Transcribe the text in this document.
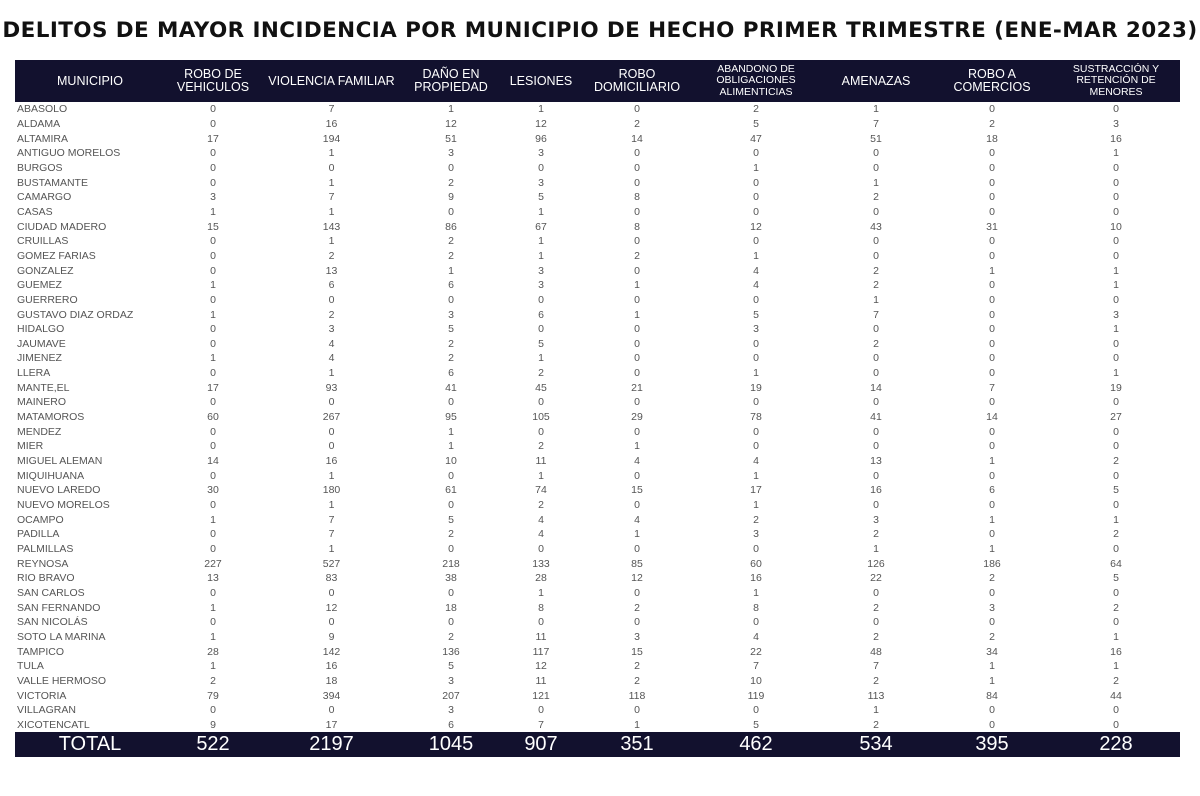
DELITOS DE MAYOR INCIDENCIA POR MUNICIPIO DE HECHO PRIMER TRIMESTRE (ENE-MAR 2023)
MUNICIPIO	ROBO DE VEHICULOS	VIOLENCIA FAMILIAR	DAÑO EN PROPIEDAD	LESIONES	ROBO DOMICILIARIO	ABANDONO DE OBLIGACIONES ALIMENTICIAS	AMENAZAS	ROBO A COMERCIOS	SUSTRACCIÓN Y RETENCIÓN DE MENORES
ABASOLO	0	7	1	1	0	2	1	0	0
ALDAMA	0	16	12	12	2	5	7	2	3
ALTAMIRA	17	194	51	96	14	47	51	18	16
ANTIGUO MORELOS	0	1	3	3	0	0	0	0	1
BURGOS	0	0	0	0	0	1	0	0	0
BUSTAMANTE	0	1	2	3	0	0	1	0	0
CAMARGO	3	7	9	5	8	0	2	0	0
CASAS	1	1	0	1	0	0	0	0	0
CIUDAD MADERO	15	143	86	67	8	12	43	31	10
CRUILLAS	0	1	2	1	0	0	0	0	0
GOMEZ FARIAS	0	2	2	1	2	1	0	0	0
GONZALEZ	0	13	1	3	0	4	2	1	1
GUEMEZ	1	6	6	3	1	4	2	0	1
GUERRERO	0	0	0	0	0	0	1	0	0
GUSTAVO DIAZ ORDAZ	1	2	3	6	1	5	7	0	3
HIDALGO	0	3	5	0	0	3	0	0	1
JAUMAVE	0	4	2	5	0	0	2	0	0
JIMENEZ	1	4	2	1	0	0	0	0	0
LLERA	0	1	6	2	0	1	0	0	1
MANTE,EL	17	93	41	45	21	19	14	7	19
MAINERO	0	0	0	0	0	0	0	0	0
MATAMOROS	60	267	95	105	29	78	41	14	27
MENDEZ	0	0	1	0	0	0	0	0	0
MIER	0	0	1	2	1	0	0	0	0
MIGUEL ALEMAN	14	16	10	11	4	4	13	1	2
MIQUIHUANA	0	1	0	1	0	1	0	0	0
NUEVO LAREDO	30	180	61	74	15	17	16	6	5
NUEVO MORELOS	0	1	0	2	0	1	0	0	0
OCAMPO	1	7	5	4	4	2	3	1	1
PADILLA	0	7	2	4	1	3	2	0	2
PALMILLAS	0	1	0	0	0	0	1	1	0
REYNOSA	227	527	218	133	85	60	126	186	64
RIO BRAVO	13	83	38	28	12	16	22	2	5
SAN CARLOS	0	0	0	1	0	1	0	0	0
SAN FERNANDO	1	12	18	8	2	8	2	3	2
SAN NICOLÁS	0	0	0	0	0	0	0	0	0
SOTO LA MARINA	1	9	2	11	3	4	2	2	1
TAMPICO	28	142	136	117	15	22	48	34	16
TULA	1	16	5	12	2	7	7	1	1
VALLE HERMOSO	2	18	3	11	2	10	2	1	2
VICTORIA	79	394	207	121	118	119	113	84	44
VILLAGRAN	0	0	3	0	0	0	1	0	0
XICOTENCATL	9	17	6	7	1	5	2	0	0
TOTAL	522	2197	1045	907	351	462	534	395	228
